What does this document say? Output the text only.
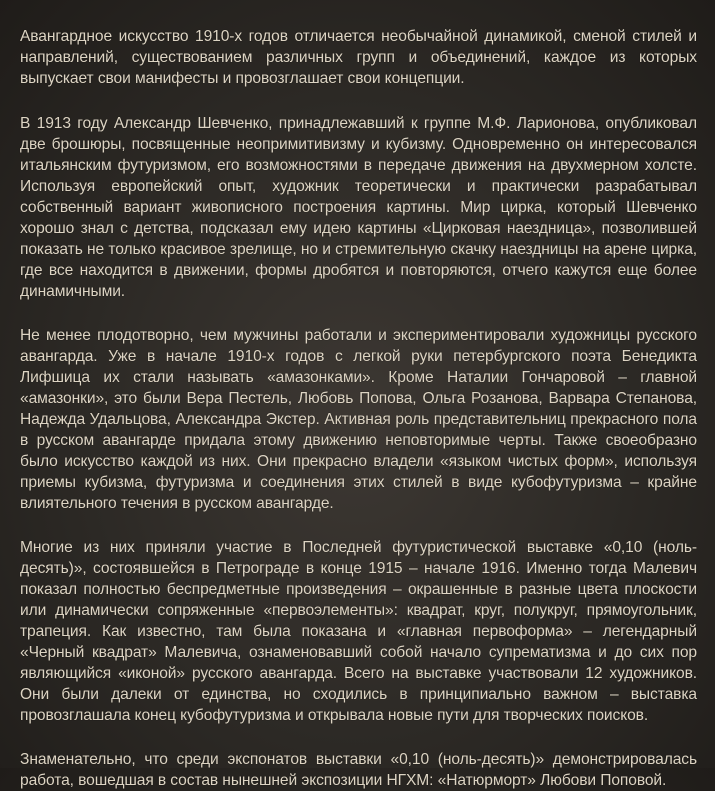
Авангардное искусство 1910-х годов отличается необычайной динамикой, сменой стилей и направлений, существованием различных групп и объединений, каждое из которых выпускает свои манифесты и провозглашает свои концепции.

В 1913 году Александр Шевченко, принадлежавший к группе М.Ф. Ларионова, опубликовал две брошюры, посвященные неопримитивизму и кубизму. Одновременно он интересовался итальянским футуризмом, его возможностями в передаче движения на двухмерном холсте. Используя европейский опыт, художник теоретически и практически разрабатывал собственный вариант живописного построения картины. Мир цирка, который Шевченко хорошо знал с детства, подсказал ему идею картины «Цирковая наездница», позволившей показать не только красивое зрелище, но и стремительную скачку наездницы на арене цирка, где все находится в движении, формы дробятся и повторяются, отчего кажутся еще более динамичными.

Не менее плодотворно, чем мужчины работали и экспериментировали художницы русского авангарда. Уже в начале 1910-х годов с легкой руки петербургского поэта Бенедикта Лифшица их стали называть «амазонками». Кроме Наталии Гончаровой – главной «амазонки», это были Вера Пестель, Любовь Попова, Ольга Розанова, Варвара Степанова, Надежда Удальцова, Александра Экстер. Активная роль представительниц прекрасного пола в русском авангарде придала этому движению неповторимые черты. Также своеобразно было искусство каждой из них. Они прекрасно владели «языком чистых форм», используя приемы кубизма, футуризма и соединения этих стилей в виде кубофутуризма – крайне влиятельного течения в русском авангарде.

Многие из них приняли участие в Последней футуристической выставке «0,10 (ноль-десять)», состоявшейся в Петрограде в конце 1915 – начале 1916. Именно тогда Малевич показал полностью беспредметные произведения – окрашенные в разные цвета плоскости или динамически сопряженные «первоэлементы»: квадрат, круг, полукруг, прямоугольник, трапеция. Как известно, там была показана и «главная первоформа» – легендарный «Черный квадрат» Малевича, ознаменовавший собой начало супрематизма и до сих пор являющийся «иконой» русского авангарда. Всего на выставке участвовали 12 художников. Они были далеки от единства, но сходились в принципиально важном – выставка провозглашала конец кубофутуризма и открывала новые пути для творческих поисков.

Знаменательно, что среди экспонатов выставки «0,10 (ноль-десять)» демонстрировалась работа, вошедшая в состав нынешней экспозиции НГХМ: «Натюрморт» Любови Поповой.
